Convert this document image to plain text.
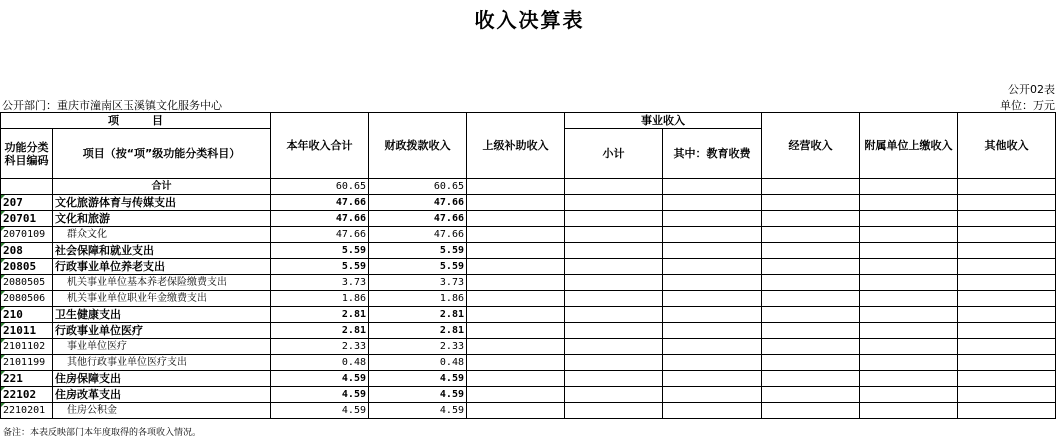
收入决算表
公开02表
公开部门：重庆市潼南区玉溪镇文化服务中心	单位：万元
项　　　目		本年收入合计	财政拨款收入	上级补助收入	事业收入		经营收入	附属单位上缴收入	其他收入
功能分类科目编码	项目（按“项”级功能分类科目）				小计	其中：教育收费			

	合计	60.65	60.65						
207	文化旅游体育与传媒支出	47.66	47.66						
20701	文化和旅游	47.66	47.66						
2070109	群众文化	47.66	47.66						
208	社会保障和就业支出	5.59	5.59						
20805	行政事业单位养老支出	5.59	5.59						
2080505	机关事业单位基本养老保险缴费支出	3.73	3.73						
2080506	机关事业单位职业年金缴费支出	1.86	1.86						
210	卫生健康支出	2.81	2.81						
21011	行政事业单位医疗	2.81	2.81						
2101102	事业单位医疗	2.33	2.33						
2101199	其他行政事业单位医疗支出	0.48	0.48						
221	住房保障支出	4.59	4.59						
22102	住房改革支出	4.59	4.59						
2210201	住房公积金	4.59	4.59						
备注：本表反映部门本年度取得的各项收入情况。
